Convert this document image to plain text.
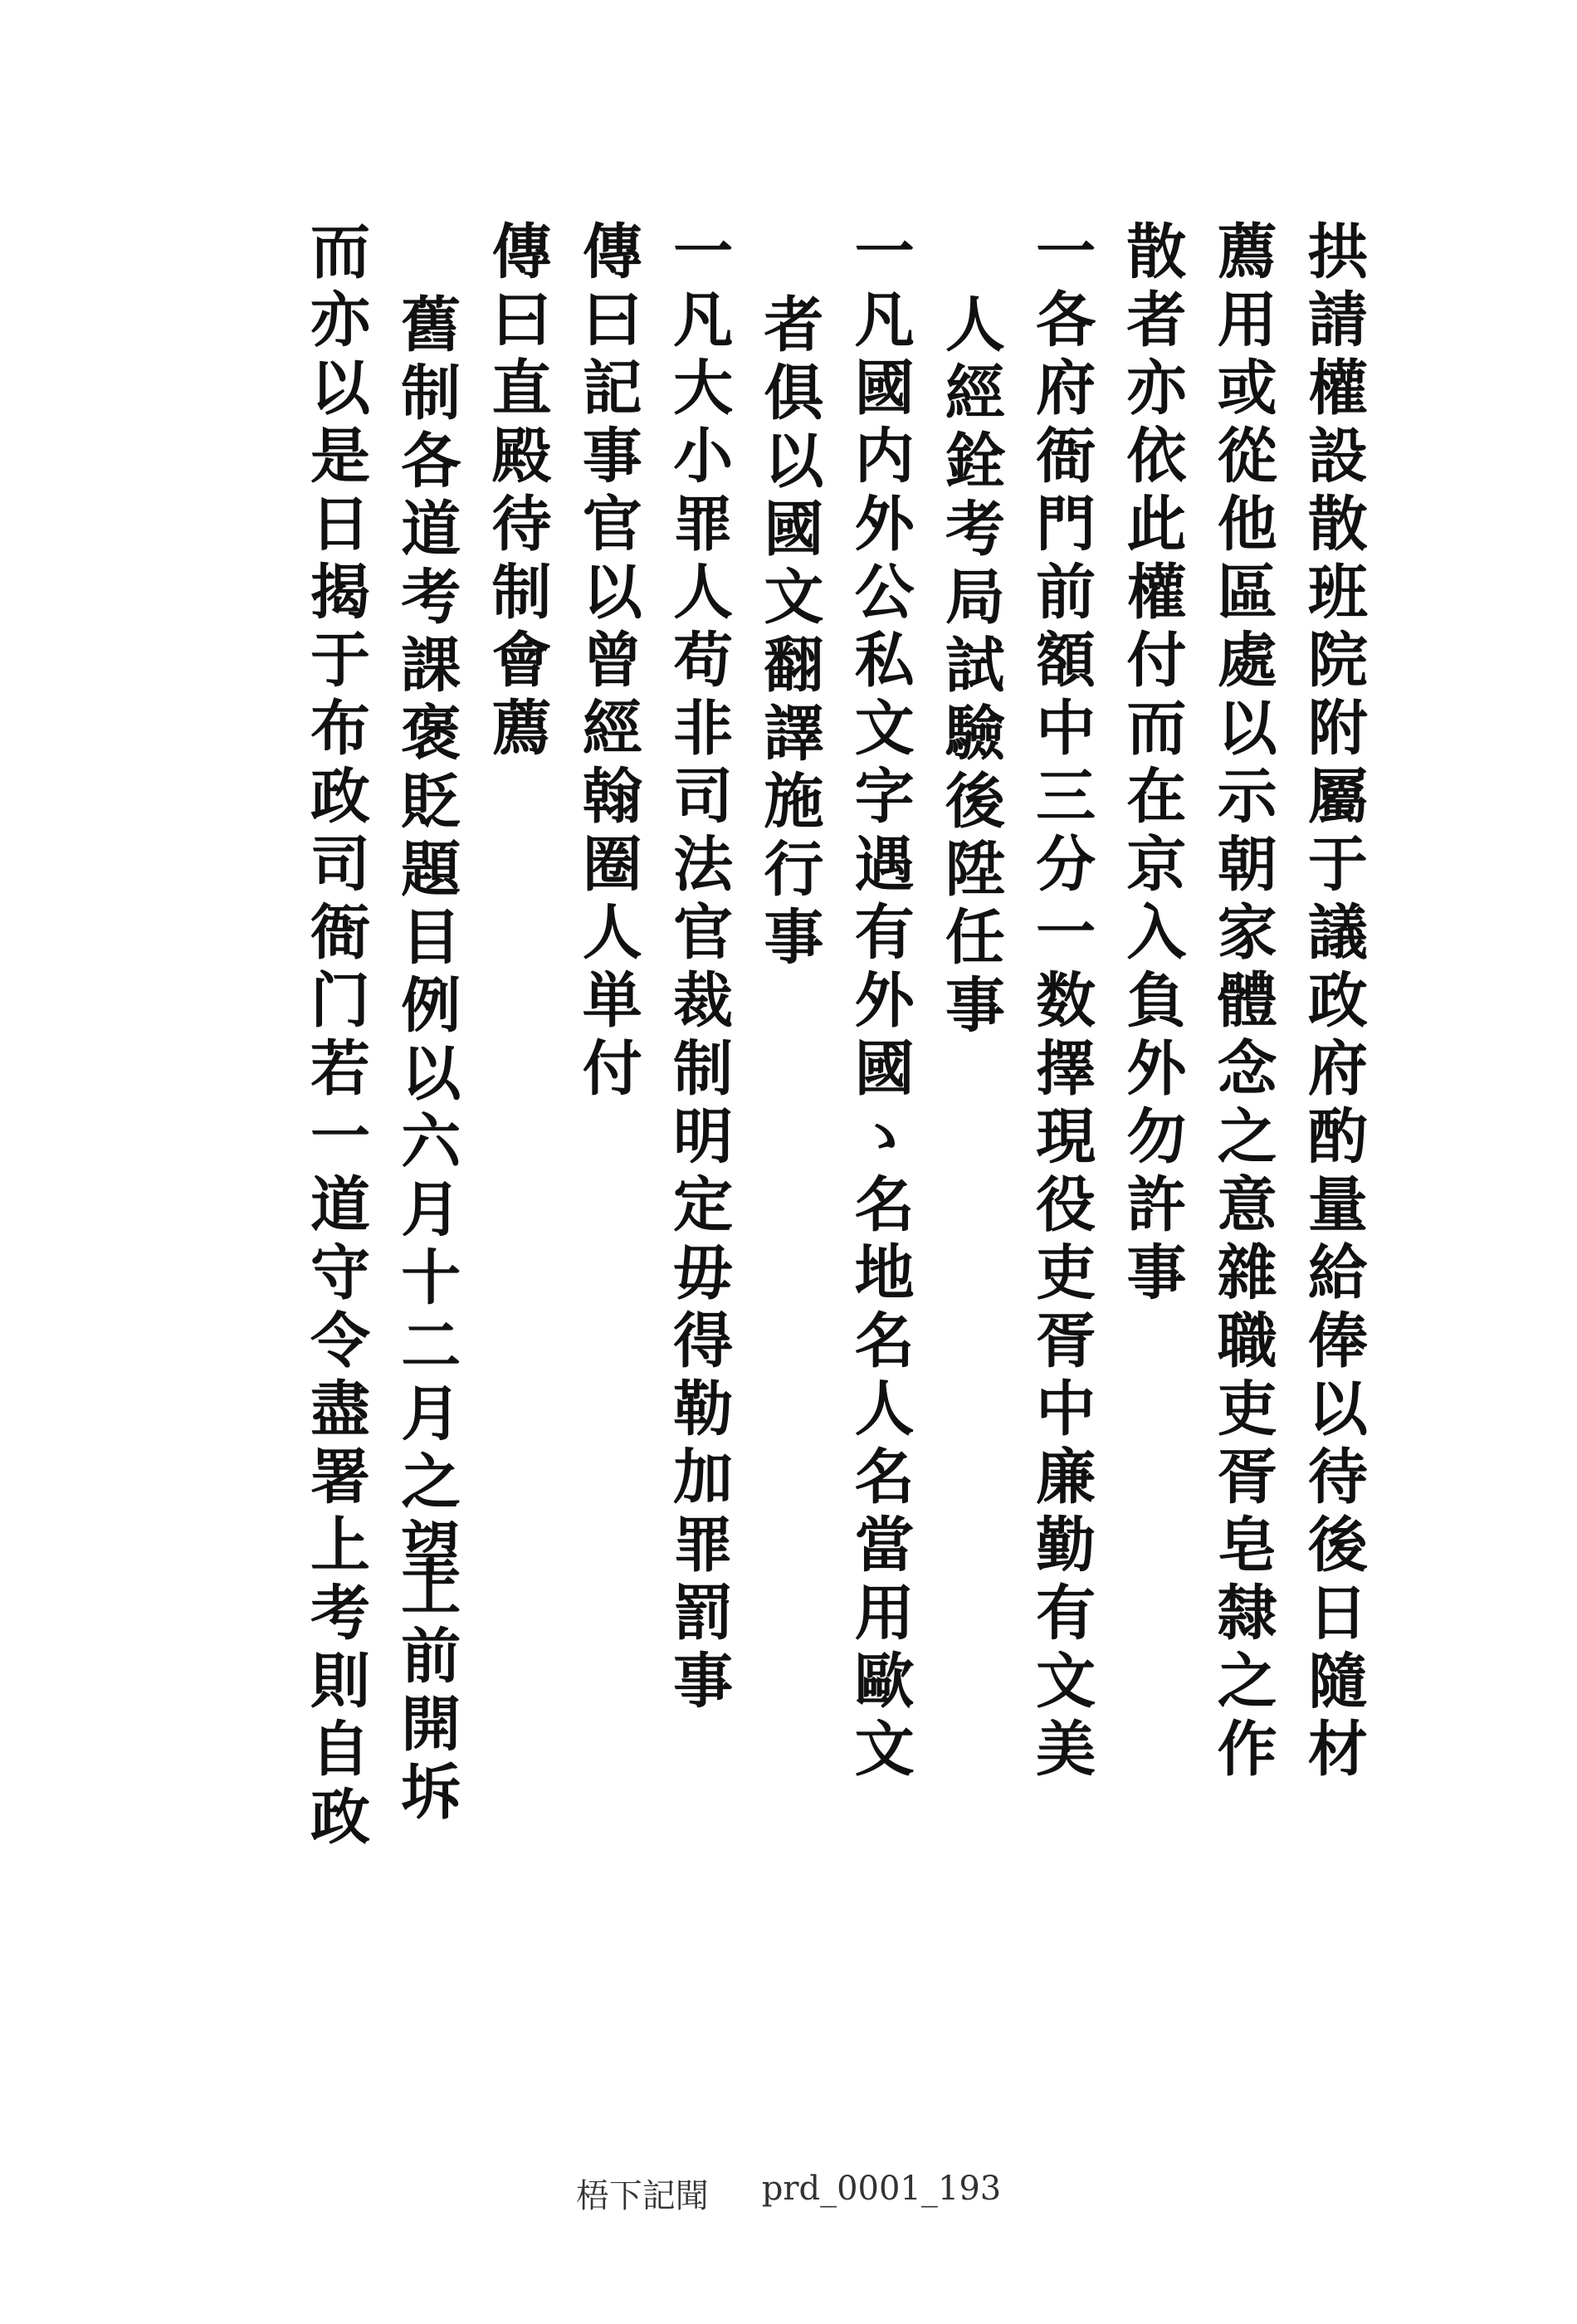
拱請權設散班院附屬于議政府酌量給俸以待後日隨材
薦用或從他區處以示朝家體念之意雜職吏胥皂隸之作
散者亦依此權付而在京入負外勿許事
一各府衙門前額中三分一数擇現役吏胥中廉勤有文美
人經銓考局試驗後陞任事
一凡國内外公私文字遇有外國ゝ名地名人名當用歐文
者俱以國文翻譯施行事
一凡大小罪人苟非司法官裁制明定毋得勒加罪罰事
傳曰記事官以曾經翰圈人単付
傳曰直殿待制會薦
舊制各道考課褒貶題目例以六月十二月之望
上前開坼
而亦以是日揭于布政司衙门若一道守令盡署上考則自政
梧下記聞 prd_0001_193
